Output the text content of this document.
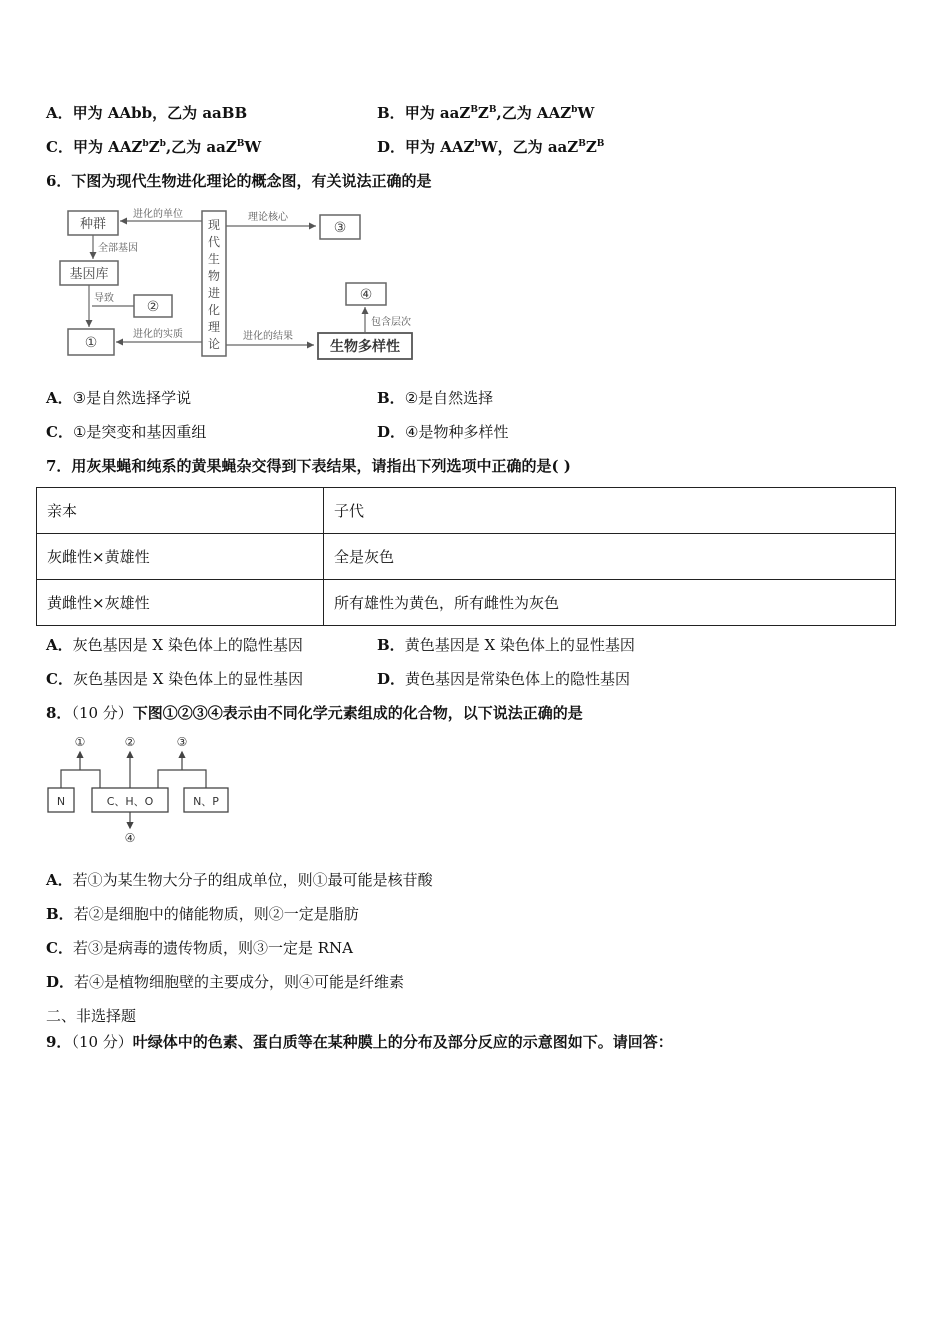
A．甲为 AAbb，乙为 aaBB	B．甲为 $aaZ^BZ^B$,乙为 AAZ$^b$W
C．甲为 $AAZ^bZ^b$,乙为 aaZ$^B$W	D．甲为 AAZ$^b$W，乙为 $aaZ^BZ^B$
6．下图为现代生物进化理论的概念图，有关说法正确的是
种群	现
代
生
物
进
化
理
论
进化的单位
全部基因
基因库
导致
②
①
进化的实质
理论核心
③
进化的结果
生物多样性
包含层次
④
A．③是自然选择学说	B．②是自然选择
C．①是突变和基因重组	D．④是物种多样性
7．用灰果蝇和纯系的黄果蝇杂交得到下表结果，请指出下列选项中正确的是( )
亲本	子代
灰雌性×黄雄性	全是灰色
黄雌性×灰雄性	所有雄性为黄色，所有雌性为灰色
A．灰色基因是 X 染色体上的隐性基因	B．黄色基因是 X 染色体上的显性基因
C．灰色基因是 X 染色体上的显性基因	D．黄色基因是常染色体上的隐性基因
8．（10 分）下图①②③④表示由不同化学元素组成的化合物，以下说法正确的是
①	②	③
N	C、H、O	N、P
④
A．若①为某生物大分子的组成单位，则①最可能是核苷酸
B．若②是细胞中的储能物质，则②一定是脂肪
C．若③是病毒的遗传物质，则③一定是 RNA
D．若④是植物细胞壁的主要成分，则④可能是纤维素
二、非选择题
9．（10 分）叶绿体中的色素、蛋白质等在某种膜上的分布及部分反应的示意图如下。请回答：
